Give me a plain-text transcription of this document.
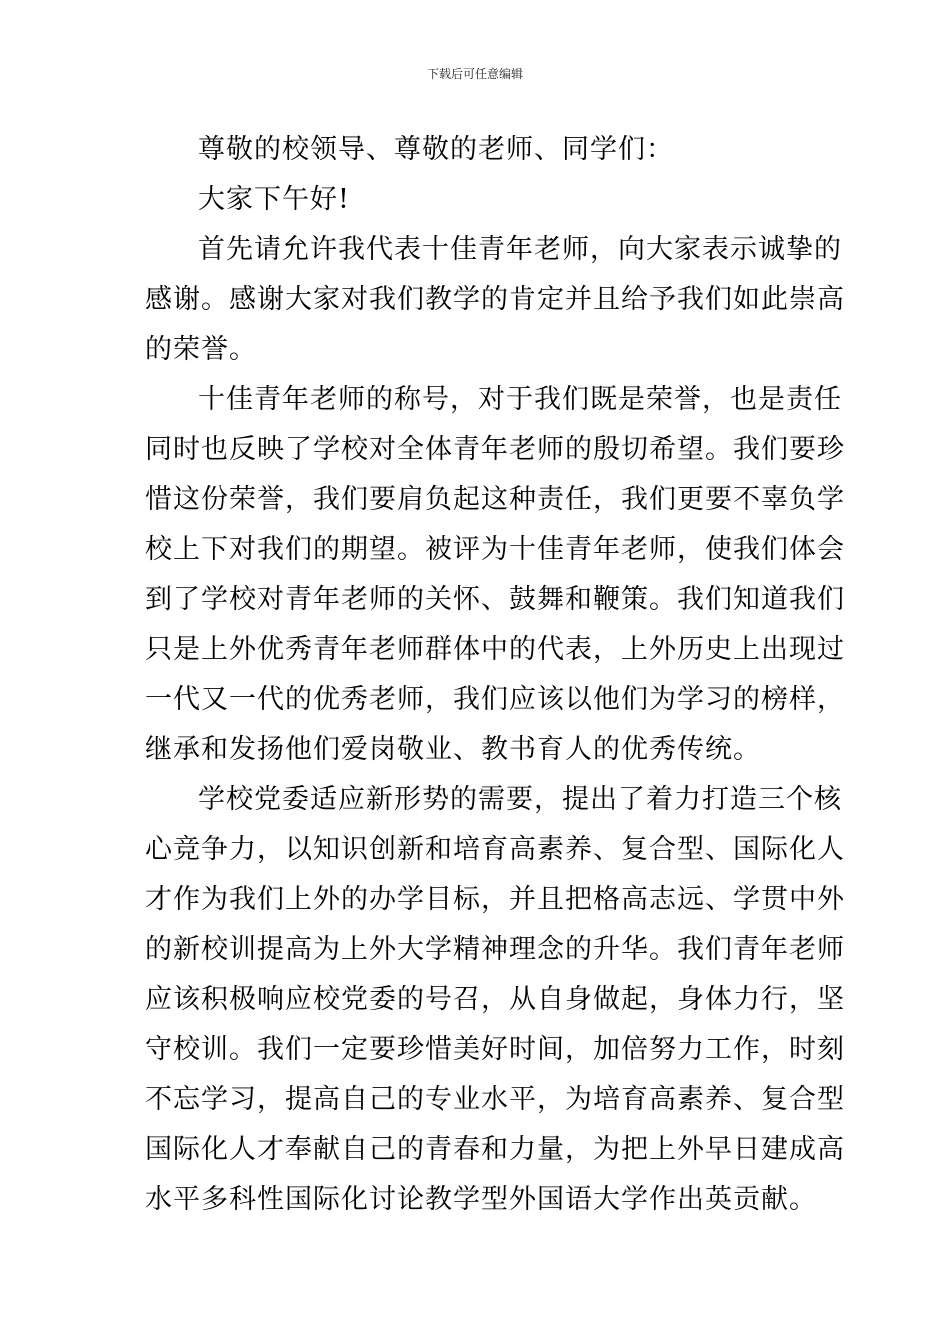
下载后可任意编辑
尊敬的校领导、尊敬的老师、同学们：
大家下午好!
首先请允许我代表十佳青年老师，向大家表示诚挚的
感谢。感谢大家对我们教学的肯定并且给予我们如此崇高
的荣誉。
十佳青年老师的称号，对于我们既是荣誉，也是责任
同时也反映了学校对全体青年老师的殷切希望。我们要珍
惜这份荣誉，我们要肩负起这种责任，我们更要不辜负学
校上下对我们的期望。被评为十佳青年老师，使我们体会
到了学校对青年老师的关怀、鼓舞和鞭策。我们知道我们
只是上外优秀青年老师群体中的代表，上外历史上出现过
一代又一代的优秀老师，我们应该以他们为学习的榜样，
继承和发扬他们爱岗敬业、教书育人的优秀传统。
学校党委适应新形势的需要，提出了着力打造三个核
心竞争力，以知识创新和培育高素养、复合型、国际化人
才作为我们上外的办学目标，并且把格高志远、学贯中外
的新校训提高为上外大学精神理念的升华。我们青年老师
应该积极响应校党委的号召，从自身做起，身体力行，坚
守校训。我们一定要珍惜美好时间，加倍努力工作，时刻
不忘学习，提高自己的专业水平，为培育高素养、复合型
国际化人才奉献自己的青春和力量，为把上外早日建成高
水平多科性国际化讨论教学型外国语大学作出英贡献。
